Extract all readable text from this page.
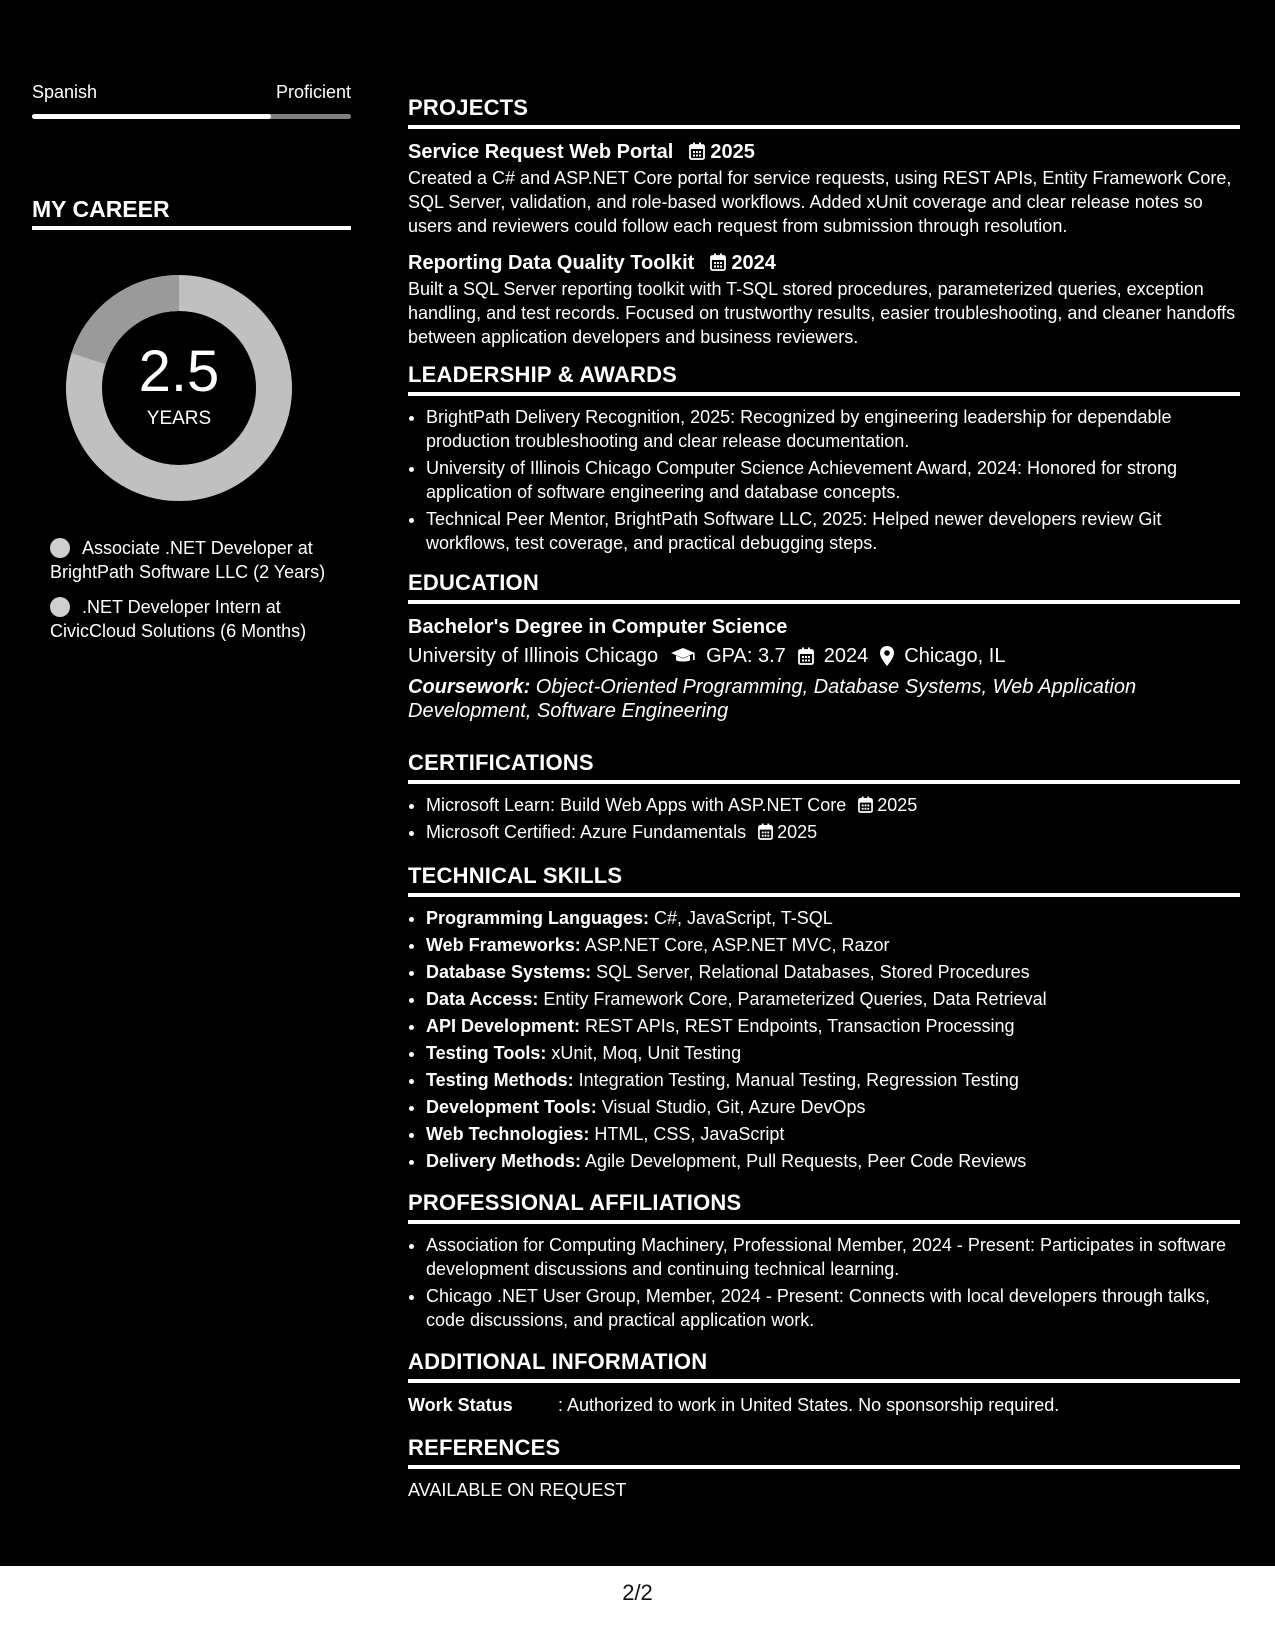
Spanish	Proficient
MY CAREER
2.5
YEARS
Associate .NET Developer at BrightPath Software LLC (2 Years)
.NET Developer Intern at CivicCloud Solutions (6 Months)
PROJECTS
Service Request Web Portal 2025
Created a C# and ASP.NET Core portal for service requests, using REST APIs, Entity Framework Core, SQL Server, validation, and role-based workflows. Added xUnit coverage and clear release notes so users and reviewers could follow each request from submission through resolution.
Reporting Data Quality Toolkit 2024
Built a SQL Server reporting toolkit with T-SQL stored procedures, parameterized queries, exception handling, and test records. Focused on trustworthy results, easier troubleshooting, and cleaner handoffs between application developers and business reviewers.
LEADERSHIP & AWARDS
• BrightPath Delivery Recognition, 2025: Recognized by engineering leadership for dependable production troubleshooting and clear release documentation.
• University of Illinois Chicago Computer Science Achievement Award, 2024: Honored for strong application of software engineering and database concepts.
• Technical Peer Mentor, BrightPath Software LLC, 2025: Helped newer developers review Git workflows, test coverage, and practical debugging steps.
EDUCATION
Bachelor's Degree in Computer Science
University of Illinois Chicago GPA: 3.7 2024 Chicago, IL
Coursework: Object-Oriented Programming, Database Systems, Web Application Development, Software Engineering
CERTIFICATIONS
• Microsoft Learn: Build Web Apps with ASP.NET Core 2025
• Microsoft Certified: Azure Fundamentals 2025
TECHNICAL SKILLS
• Programming Languages: C#, JavaScript, T-SQL
• Web Frameworks: ASP.NET Core, ASP.NET MVC, Razor
• Database Systems: SQL Server, Relational Databases, Stored Procedures
• Data Access: Entity Framework Core, Parameterized Queries, Data Retrieval
• API Development: REST APIs, REST Endpoints, Transaction Processing
• Testing Tools: xUnit, Moq, Unit Testing
• Testing Methods: Integration Testing, Manual Testing, Regression Testing
• Development Tools: Visual Studio, Git, Azure DevOps
• Web Technologies: HTML, CSS, JavaScript
• Delivery Methods: Agile Development, Pull Requests, Peer Code Reviews
PROFESSIONAL AFFILIATIONS
• Association for Computing Machinery, Professional Member, 2024 - Present: Participates in software development discussions and continuing technical learning.
• Chicago .NET User Group, Member, 2024 - Present: Connects with local developers through talks, code discussions, and practical application work.
ADDITIONAL INFORMATION
Work Status	: Authorized to work in United States. No sponsorship required.
REFERENCES
AVAILABLE ON REQUEST
2/2
